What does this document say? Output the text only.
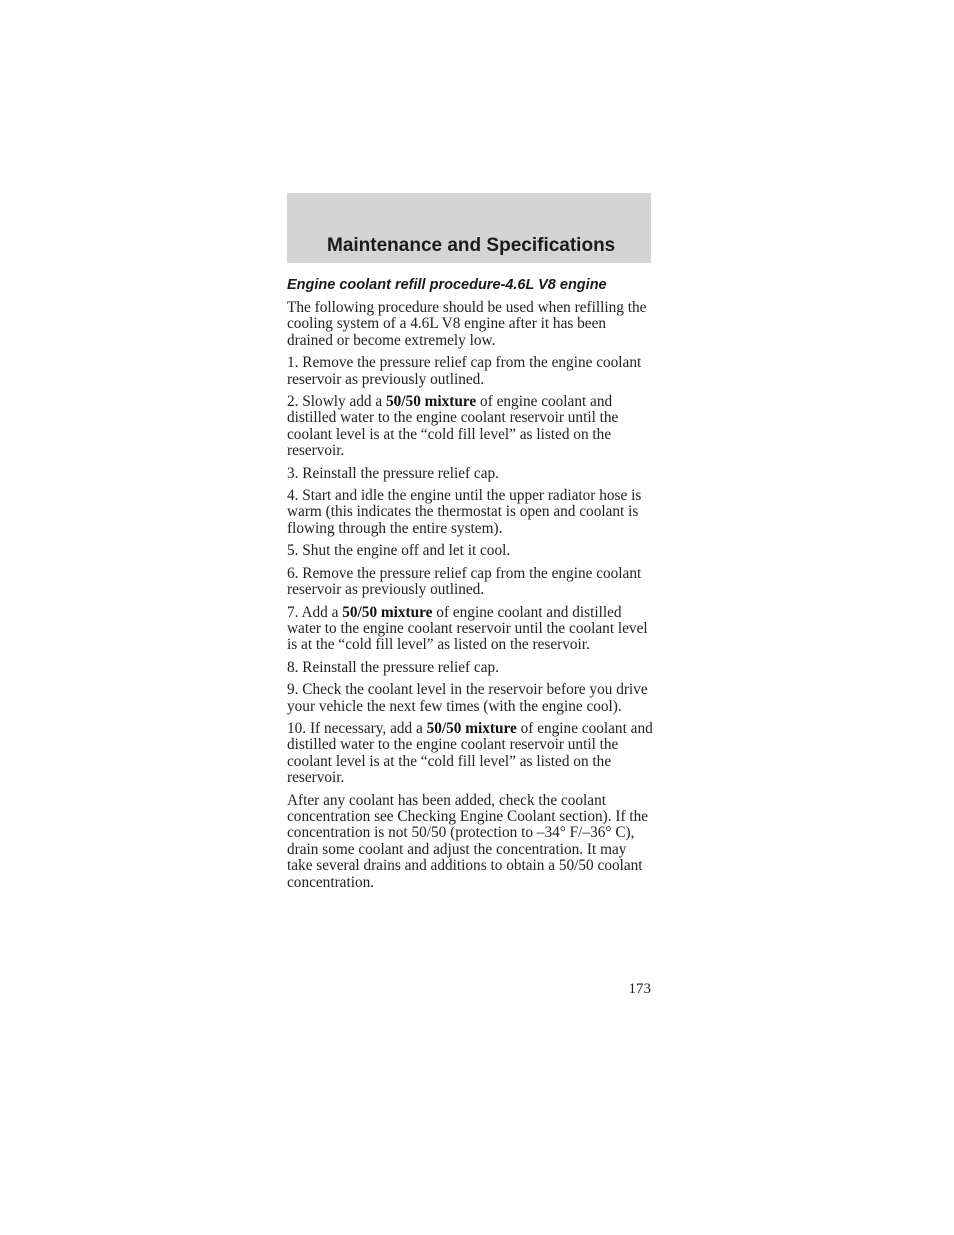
Maintenance and Specifications
Engine coolant refill procedure-4.6L V8 engine

The following procedure should be used when refilling the cooling system of a 4.6L V8 engine after it has been drained or become extremely low.

1. Remove the pressure relief cap from the engine coolant reservoir as previously outlined.

2. Slowly add a 50/50 mixture of engine coolant and distilled water to the engine coolant reservoir until the coolant level is at the “cold fill level” as listed on the reservoir.

3. Reinstall the pressure relief cap.

4. Start and idle the engine until the upper radiator hose is warm (this indicates the thermostat is open and coolant is flowing through the entire system).

5. Shut the engine off and let it cool.

6. Remove the pressure relief cap from the engine coolant reservoir as previously outlined.

7. Add a 50/50 mixture of engine coolant and distilled water to the engine coolant reservoir until the coolant level is at the “cold fill level” as listed on the reservoir.

8. Reinstall the pressure relief cap.

9. Check the coolant level in the reservoir before you drive your vehicle the next few times (with the engine cool).

10. If necessary, add a 50/50 mixture of engine coolant and distilled water to the engine coolant reservoir until the coolant level is at the “cold fill level” as listed on the reservoir.

After any coolant has been added, check the coolant concentration see Checking Engine Coolant section). If the concentration is not 50/50 (protection to –34° F/–36° C), drain some coolant and adjust the concentration. It may take several drains and additions to obtain a 50/50 coolant concentration.

173
